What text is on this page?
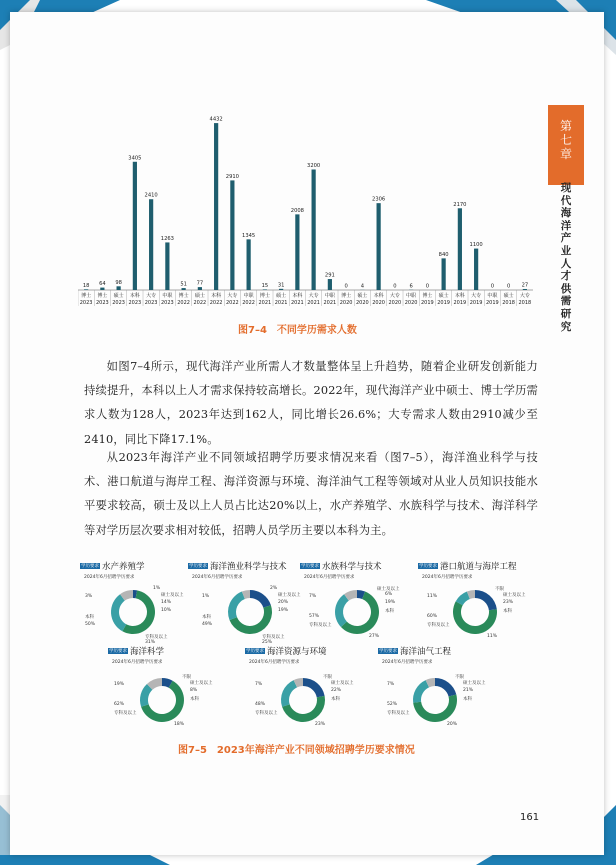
第七章
现代海洋产业人才供需研究
18
博士
2023
64
博士
2023
98
硕士
2023
3405
本科
2023
2410
大专
2023
1263
中职
2023
51
博士
2022
77
硕士
2022
4432
本科
2022
2910
大专
2022
1345
中职
2022
15
博士
2021
31
硕士
2021
2008
本科
2021
3200
大专
2021
291
中职
2021
0
博士
2020
4
硕士
2020
2306
本科
2020
0
大专
2020
6
中职
2020
0
博士
2019
840
硕士
2019
2170
本科
2019
1100
大专
2019
0
中职
2019
0
硕士
2018
27
大专
2018
图7–4　不同学历需求人数

如图7–4所示，现代海洋产业所需人才数量整体呈上升趋势，随着企业研发创新能力持续提升，本科以上人才需求保持较高增长。2022年，现代海洋产业中硕士、博士学历需求人数为128人，2023年达到162人，同比增长26.6%；大专需求人数由2910减少至2410，同比下降17.1%。

从2023年海洋产业不同领域招聘学历要求情况来看（图7–5），海洋渔业科学与技术、港口航道与海岸工程、海洋资源与环境、海洋油气工程等领域对从业人员知识技能水平要求较高，硕士及以上人员占比达20%以上，水产养殖学、水族科学与技术、海洋科学等对学历层次要求相对较低，招聘人员学历主要以本科为主。

学历要求 水产养殖学
2024年6月招聘学历要求
3%
1%
硕士及以上
14%
10%
本科
50%
专科及以上
31%
学历要求 海洋渔业科学与技术
2024年6月招聘学历要求
1%
2%
硕士及以上
20%
19%
本科
49%
专科及以上
25%
学历要求 水族科学与技术
2024年6月招聘学历要求
7%
硕士及以上
6%
19%
本科
57%
专科及以上
27%
学历要求 港口航道与海岸工程
2024年6月招聘学历要求
11%
不限
硕士及以上
23%
本科
60%
专科及以上
11%
学历要求 海洋科学
2024年6月招聘学历要求
19%
不限
硕士及以上
8%
本科
62%
专科及以上
18%
学历要求 海洋资源与环境
2024年6月招聘学历要求
7%
不限
硕士及以上
22%
本科
48%
专科及以上
23%
学历要求 海洋油气工程
2024年6月招聘学历要求
7%
不限
硕士及以上
21%
本科
52%
专科及以上
20%
图7–5　2023年海洋产业不同领域招聘学历要求情况
161
